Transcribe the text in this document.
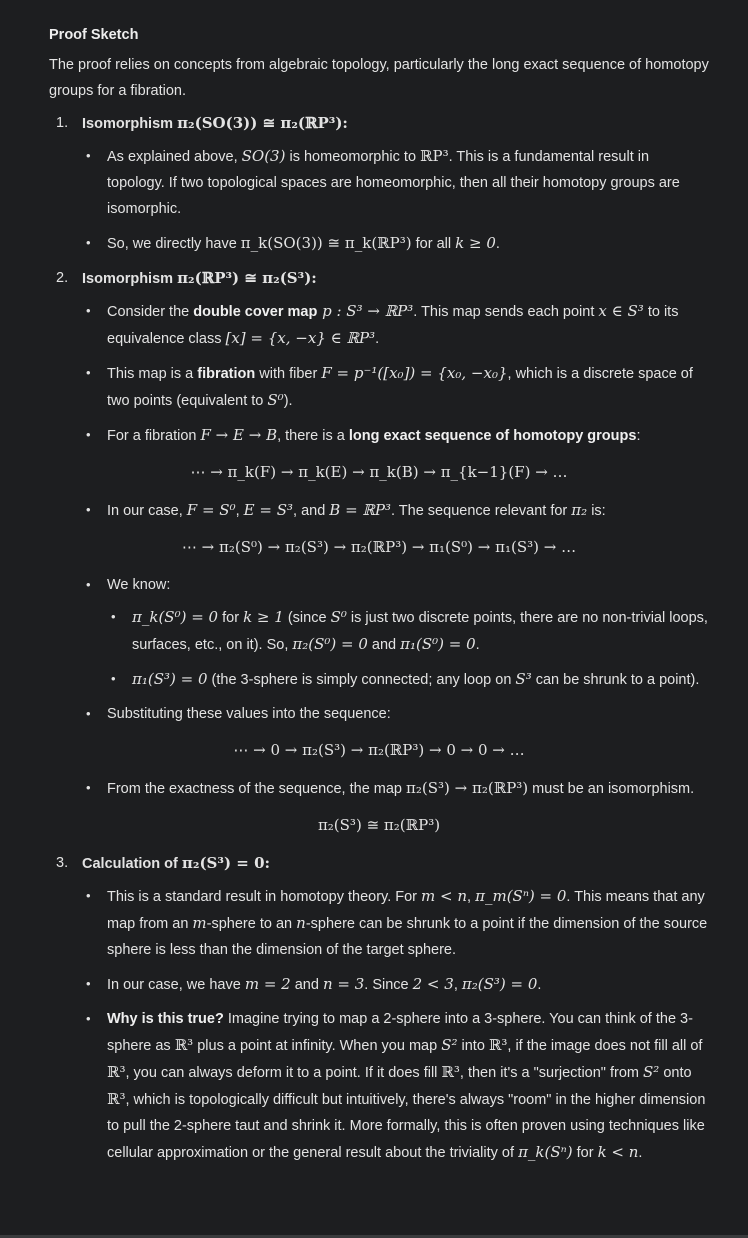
Proof Sketch

The proof relies on concepts from algebraic topology, particularly the long exact sequence of homotopy groups for a fibration.

1. Isomorphism π₂(SO(3)) ≅ π₂(ℝP³):
• As explained above, SO(3) is homeomorphic to ℝP³. This is a fundamental result in topology. If two topological spaces are homeomorphic, then all their homotopy groups are isomorphic.
• So, we directly have π_k(SO(3)) ≅ π_k(ℝP³) for all k ≥ 0.
2. Isomorphism π₂(ℝP³) ≅ π₂(S³):
• Consider the double cover map p : S³ → ℝP³. This map sends each point x ∈ S³ to its equivalence class [x] = {x, −x} ∈ ℝP³.
• This map is a fibration with fiber F = p⁻¹([x₀]) = {x₀, −x₀}, which is a discrete space of two points (equivalent to S⁰).
• For a fibration F → E → B, there is a long exact sequence of homotopy groups:
⋯ → π_k(F) → π_k(E) → π_k(B) → π_{k−1}(F) → …
• In our case, F = S⁰, E = S³, and B = ℝP³. The sequence relevant for π₂ is:
⋯ → π₂(S⁰) → π₂(S³) → π₂(ℝP³) → π₁(S⁰) → π₁(S³) → …
• We know:
• π_k(S⁰) = 0 for k ≥ 1 (since S⁰ is just two discrete points, there are no non-trivial loops, surfaces, etc., on it). So, π₂(S⁰) = 0 and π₁(S⁰) = 0.
• π₁(S³) = 0 (the 3-sphere is simply connected; any loop on S³ can be shrunk to a point).
• Substituting these values into the sequence:
⋯ → 0 → π₂(S³) → π₂(ℝP³) → 0 → 0 → …
• From the exactness of the sequence, the map π₂(S³) → π₂(ℝP³) must be an isomorphism.
π₂(S³) ≅ π₂(ℝP³)
3. Calculation of π₂(S³) = 0:
• This is a standard result in homotopy theory. For m < n, π_m(Sⁿ) = 0. This means that any map from an m-sphere to an n-sphere can be shrunk to a point if the dimension of the source sphere is less than the dimension of the target sphere.
• In our case, we have m = 2 and n = 3. Since 2 < 3, π₂(S³) = 0.
• Why is this true? Imagine trying to map a 2-sphere into a 3-sphere. You can think of the 3-sphere as ℝ³ plus a point at infinity. When you map S² into ℝ³, if the image does not fill all of ℝ³, you can always deform it to a point. If it does fill ℝ³, then it's a "surjection" from S² onto ℝ³, which is topologically difficult but intuitively, there's always "room" in the higher dimension to pull the 2-sphere taut and shrink it. More formally, this is often proven using techniques like cellular approximation or the general result about the triviality of π_k(Sⁿ) for k < n.
